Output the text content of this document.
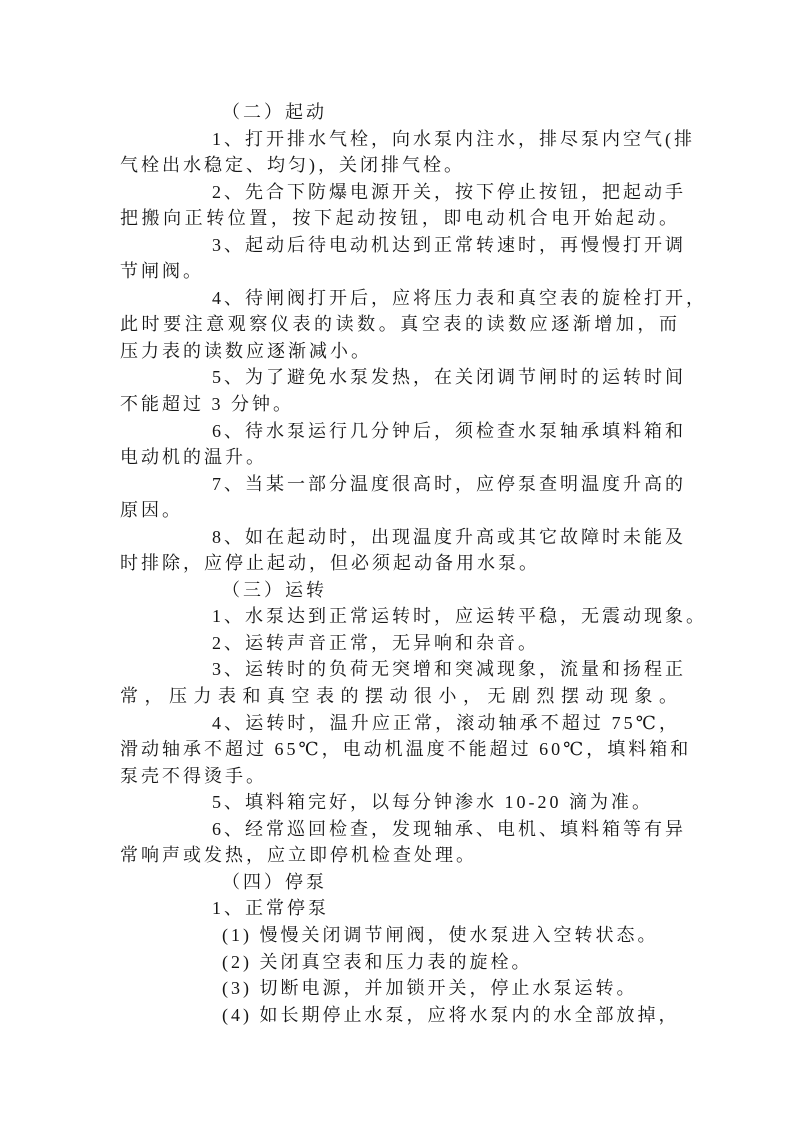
（二）起动
1、打开排水气栓，向水泵内注水，排尽泵内空气(排
气栓出水稳定、均匀)，关闭排气栓。
2、先合下防爆电源开关，按下停止按钮，把起动手
把搬向正转位置，按下起动按钮，即电动机合电开始起动。
3、起动后待电动机达到正常转速时，再慢慢打开调
节闸阀。
4、待闸阀打开后，应将压力表和真空表的旋栓打开，
此时要注意观察仪表的读数。真空表的读数应逐渐增加，而
压力表的读数应逐渐减小。
5、为了避免水泵发热，在关闭调节闸时的运转时间
不能超过 3 分钟。
6、待水泵运行几分钟后，须检查水泵轴承填料箱和
电动机的温升。
7、当某一部分温度很高时，应停泵查明温度升高的
原因。
8、如在起动时，出现温度升高或其它故障时未能及
时排除，应停止起动，但必须起动备用水泵。
（三）运转
1、水泵达到正常运转时，应运转平稳，无震动现象。
2、运转声音正常，无异响和杂音。
3、运转时的负荷无突增和突减现象，流量和扬程正
常，压力表和真空表的摆动很小，无剧烈摆动现象。
4、运转时，温升应正常，滚动轴承不超过 75℃，
滑动轴承不超过 65℃，电动机温度不能超过 60℃，填料箱和
泵壳不得烫手。
5、填料箱完好，以每分钟渗水 10-20 滴为准。
6、经常巡回检查，发现轴承、电机、填料箱等有异
常响声或发热，应立即停机检查处理。
（四）停泵
1、正常停泵
(1) 慢慢关闭调节闸阀，使水泵进入空转状态。
(2) 关闭真空表和压力表的旋栓。
(3) 切断电源，并加锁开关，停止水泵运转。
(4) 如长期停止水泵，应将水泵内的水全部放掉，
